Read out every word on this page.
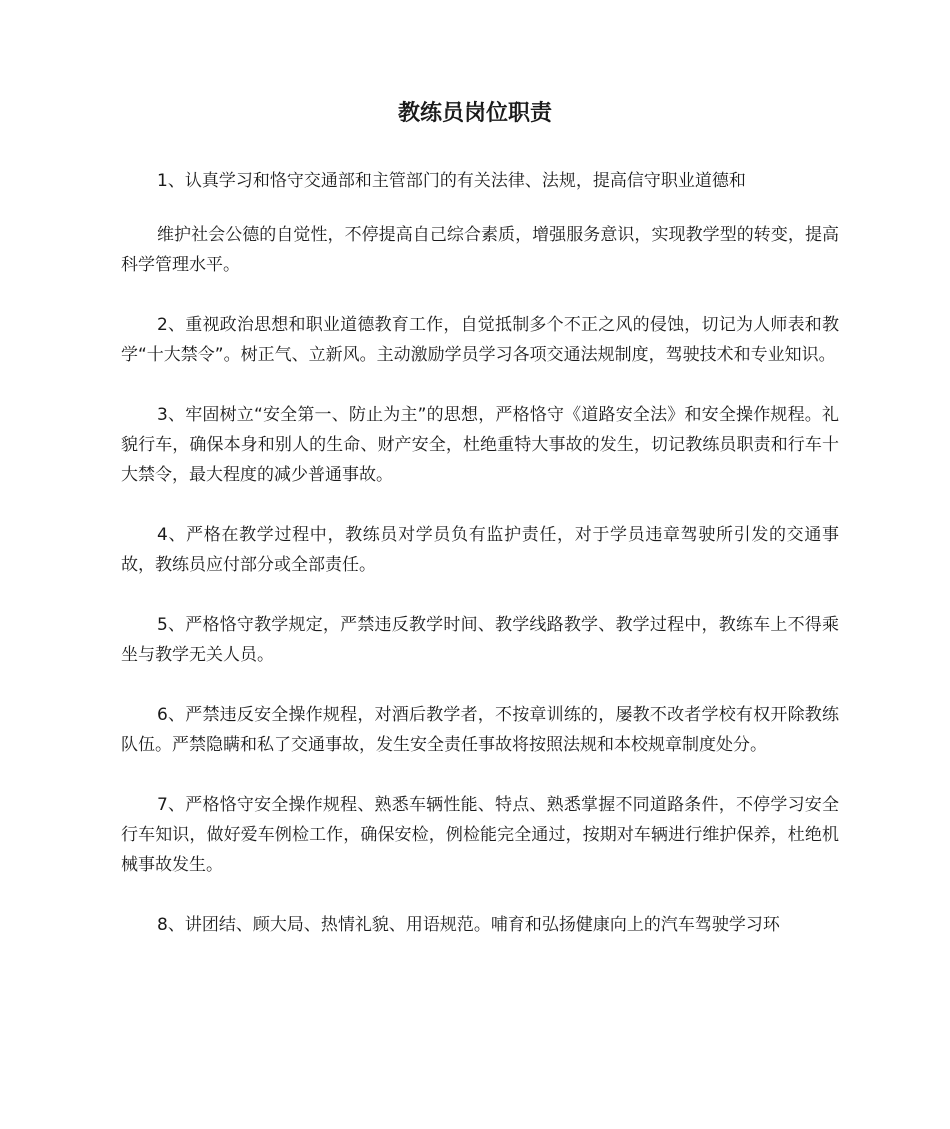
教练员岗位职责

1、认真学习和恪守交通部和主管部门的有关法律、法规，提高信守职业道德和

维护社会公德的自觉性，不停提高自己综合素质，增强服务意识，实现教学型的转变，提高科学管理水平。

2、重视政治思想和职业道德教育工作，自觉抵制多个不正之风的侵蚀，切记为人师表和教学“十大禁令”。树正气、立新风。主动激励学员学习各项交通法规制度，驾驶技术和专业知识。

3、牢固树立“安全第一、防止为主”的思想，严格恪守《道路安全法》和安全操作规程。礼貌行车，确保本身和别人的生命、财产安全，杜绝重特大事故的发生，切记教练员职责和行车十大禁令，最大程度的减少普通事故。

4、严格在教学过程中，教练员对学员负有监护责任，对于学员违章驾驶所引发的交通事故，教练员应付部分或全部责任。

5、严格恪守教学规定，严禁违反教学时间、教学线路教学、教学过程中，教练车上不得乘坐与教学无关人员。

6、严禁违反安全操作规程，对酒后教学者，不按章训练的，屡教不改者学校有权开除教练队伍。严禁隐瞒和私了交通事故，发生安全责任事故将按照法规和本校规章制度处分。

7、严格恪守安全操作规程、熟悉车辆性能、特点、熟悉掌握不同道路条件，不停学习安全行车知识，做好爱车例检工作，确保安检，例检能完全通过，按期对车辆进行维护保养，杜绝机械事故发生。

8、讲团结、顾大局、热情礼貌、用语规范。哺育和弘扬健康向上的汽车驾驶学习环
